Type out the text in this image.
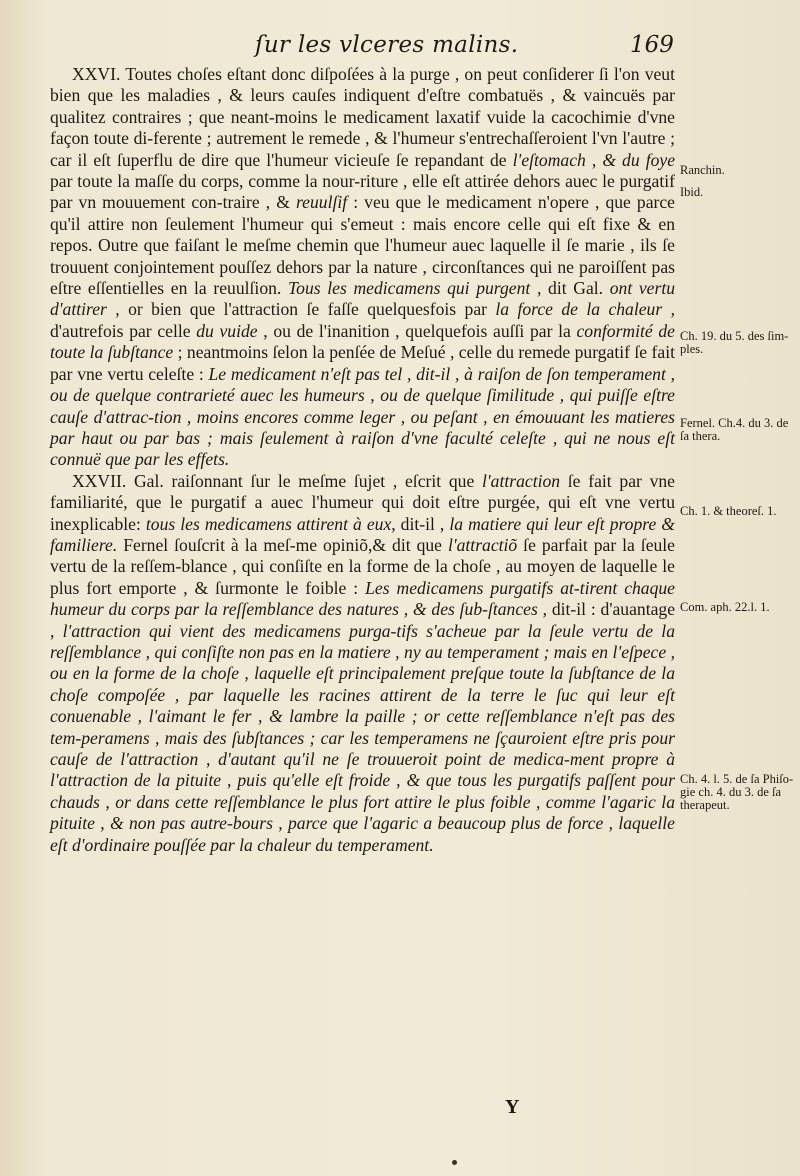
ſur les vlceres malins.	169

XXVI. Toutes choſes eſtant donc diſpoſées à la purge , on peut conſiderer ſi l'on veut bien que les maladies , & leurs cauſes indiquent d'eſtre combatuës , & vaincuës par qualitez contraires ; que neant-moins le medicament laxatif vuide la cacochimie d'vne façon toute di-ferente ; autrement le remede , & l'humeur s'entrechaſſeroient l'vn l'autre ; car il eſt ſuperflu de dire que l'humeur vicieuſe ſe repandant de l'eſtomach , & du foye par toute la maſſe du corps, comme la nour-riture , elle eſt attirée dehors auec le purgatif par vn mouuement con-traire , & reuulſif : veu que le medicament n'opere , que parce qu'il attire non ſeulement l'humeur qui s'emeut : mais encore celle qui eſt fixe & en repos. Outre que faiſant le meſme chemin que l'humeur auec laquelle il ſe marie , ils ſe trouuent conjointement pouſſez dehors par la nature , circonſtances qui ne paroiſſent pas eſtre eſſentielles en la reuulſion. Tous les medicamens qui purgent , dit Gal. ont vertu d'attirer , or bien que l'attraction ſe faſſe quelquesfois par la force de la chaleur , d'autrefois par celle du vuide , ou de l'inanition , quelquefois auſſi par la conformité de toute la ſubſtance ; neantmoins ſelon la penſée de Meſué , celle du remede purgatif ſe fait par vne vertu celeſte : Le medicament n'eſt pas tel , dit-il , à raiſon de ſon temperament , ou de quelque contrarieté auec les humeurs , ou de quelque ſimilitude , qui puiſſe eſtre cauſe d'attrac-tion , moins encores comme leger , ou peſant , en émouuant les matieres par haut ou par bas ; mais ſeulement à raiſon d'vne faculté celeſte , qui ne nous eſt connuë que par les effets.

XXVII. Gal. raiſonnant ſur le meſme ſujet , eſcrit que l'attraction ſe fait par vne familiarité, que le purgatif a auec l'humeur qui doit eſtre purgée, qui eſt vne vertu inexplicable: tous les medicamens attirent à eux, dit-il , la matiere qui leur eſt propre & familiere. Fernel ſouſcrit à la meſ-me opiniõ,& dit que l'attractiõ ſe parfait par la ſeule vertu de la reſſem-blance , qui conſiſte en la forme de la choſe , au moyen de laquelle le plus fort emporte , & ſurmonte le foible : Les medicamens purgatifs at-tirent chaque humeur du corps par la reſſemblance des natures , & des ſub-ſtances , dit-il : d'auantage , l'attraction qui vient des medicamens purga-tifs s'acheue par la ſeule vertu de la reſſemblance , qui conſiſte non pas en la matiere , ny au temperament ; mais en l'eſpece , ou en la forme de la choſe , laquelle eſt principalement preſque toute la ſubſtance de la choſe compoſée , par laquelle les racines attirent de la terre le ſuc qui leur eſt conuenable , l'aimant le fer , & lambre la paille ; or cette reſſemblance n'eſt pas des tem-peramens , mais des ſubſtances ; car les temperamens ne ſçauroient eſtre pris pour cauſe de l'attraction , d'autant qu'il ne ſe trouueroit point de medica-ment propre à l'attraction de la pituite , puis qu'elle eſt froide , & que tous les purgatifs paſſent pour chauds , or dans cette reſſemblance le plus fort attire le plus foible , comme l'agaric la pituite , & non pas autre-bours , parce que l'agaric a beaucoup plus de force , laquelle eſt d'ordinaire pouſſée par la chaleur du temperament.

Ranchin.
Ibid.
Ch. 19. du 5. des ſim-ples.
Fernel. Ch.4. du 3. de ſa thera.
Ch. 1. & theoreſ. 1.
Com. aph. 22.l. 1.
Ch. 4. l. 5. de ſa Phiſo-gie ch. 4. du 3. de ſa therapeut.
Y
